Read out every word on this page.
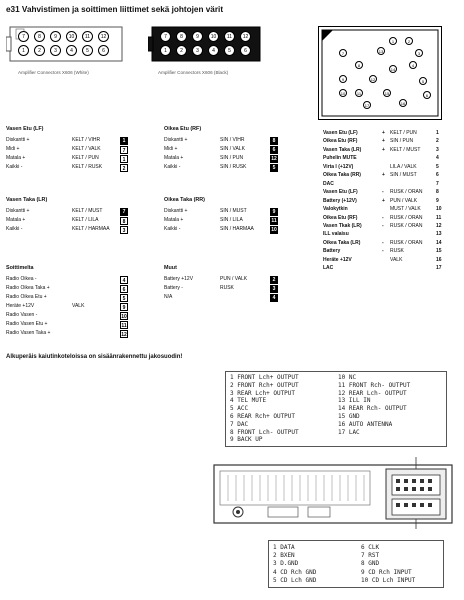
e31 Vahvistimen ja soittimen liittimet sekä johtojen värit
7	8	9	10	11	12
1	2	3	4	5	6
Amplifier Connectors X606 (White)
7	8	9	10	11	12
1	2	3	4	5	6
Amplifier Connectors X606 (Black)
1	2
3
4
5
6
7
8
9
10	11
12
13
14
15
16
17
Vasen Etu (LF)
Diskantti +	KELT / VIHR	1
Midi +	KELT / VALK	7
Matala +	KELT / PUN	1
Kaikki -	KELT / RUSK	2
Oikea Etu (RF)
Diskantti +	SIN / VIHR	8
Midi +	SIN / VALK	6
Matala +	SIN / PUN	12
Kaikki -	SIN / RUSK	5
Vasen Taka (LR)
Diskantti +	KELT / MUST	7
Matala +	KELT / LILA	8
Kaikki -	KELT / HARMAA	3
Oikea Taka (RR)
Diskantti +	SIN / MUST	9
Matala +	SIN / LILA	11
Kaikki -	SIN / HARMAA	10
Soittimelta
Radio Oikea -	4
Radio Oikea Taka +	6
Radio Oikea Etu +	5
Heräte +12V	VALK	9
Radio Vasen -	10
Radio Vasen Etu +	11
Radio Vasen Taka +	12
Muut
Battery +12V	PUN / VALK	2
Battery -	RUSK	3
N/A	4
Vasen Etu (LF)	+ KELT / PUN	1
Oikea Etu (RF)	+ SIN / PUN	2
Vasen Taka (LR)	+ KELT / MUST	3
Puhelin MUTE	4
Virta I (+12V)	LILA / VALK	5
Oikea Taka (RR)	+ SIN / MUST	6
DAC	7
Vasen Etu (LF)	- RUSK / ORAN	8
Battery (+12V)	+ PUN / VALK	9
Valokytkin	MUST / VALK	10
Oikea Etu (RF)	- RUSK / ORAN	11
Vasen Tkak (LR)	- RUSK / ORAN	12
ILL valaisu	13
Oikea Taka (LR)	- RUSK / ORAN	14
Battery	- RUSK	15
Heräte +12V	VALK	16
LAC	17
Alkuperäis kaiutinkoteloissa on sisäänrakennettu jakosuodin!
1 FRONT Lch+ OUTPUT
2 FRONT Rch+ OUTPUT
3 REAR Lch+ OUTPUT
4 TEL MUTE
5 ACC
6 REAR Rch+ OUTPUT
7 DAC
8 FRONT Lch- OUTPUT
9 BACK UP
10 NC
11 FRONT Rch- OUTPUT
12 REAR Lch- OUTPUT
13 ILL IN
14 REAR Rch- OUTPUT
15 GND
16 AUTO ANTENNA
17 LAC
1 DATA
2 BXEN
3 D.GND
4 CD Rch GND
5 CD Lch GND
6 CLK
7 RST
8 GND
9 CD Rch INPUT
10 CD Lch INPUT
